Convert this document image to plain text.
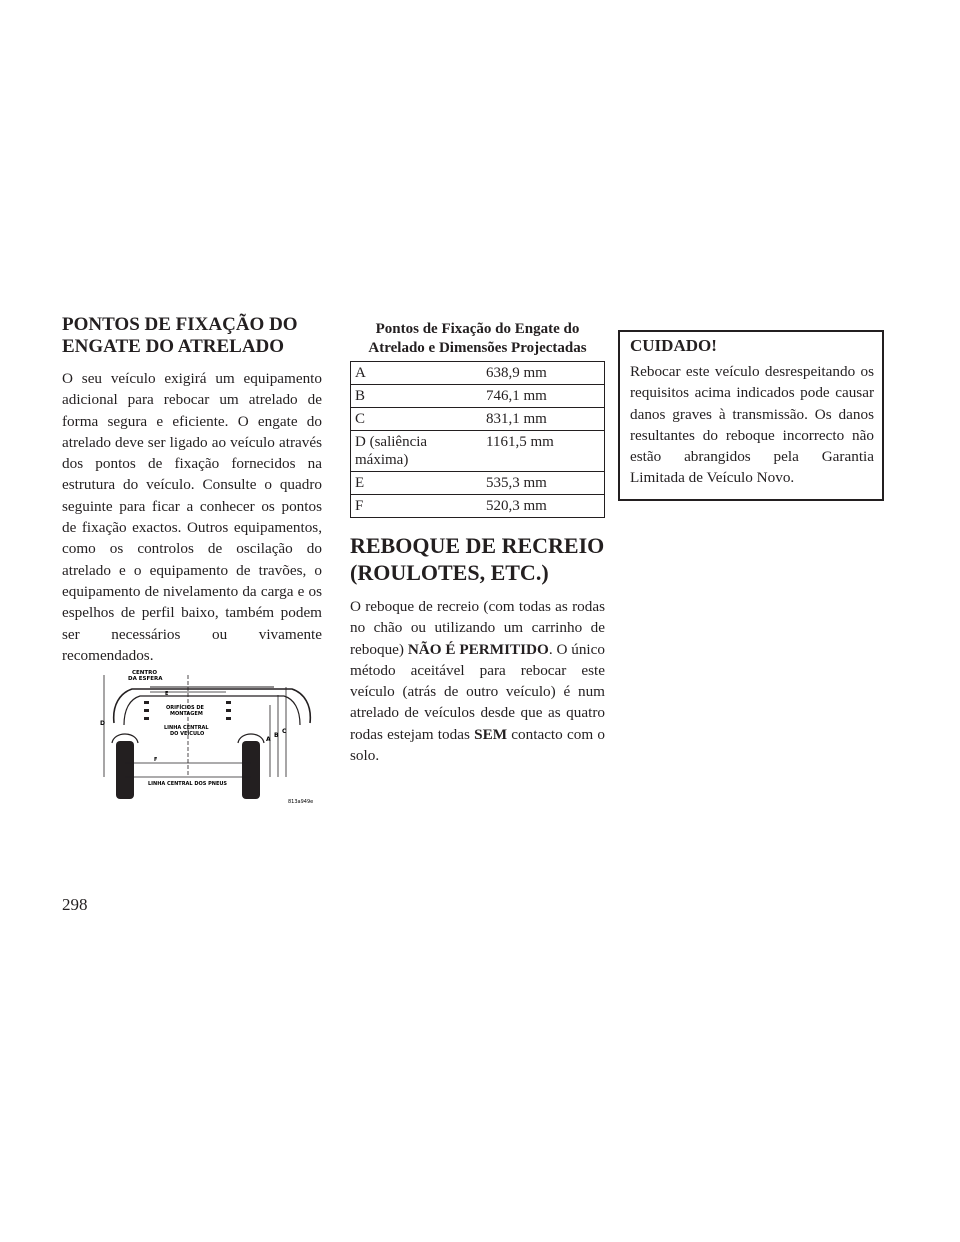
PONTOS DE FIXAÇÃO DO ENGATE DO ATRELADO

O seu veículo exigirá um equipamento adicional para rebocar um atrelado de forma segura e eficiente. O engate do atrelado deve ser ligado ao veículo através dos pontos de fixação fornecidos na estrutura do veículo. Consulte o quadro seguinte para ficar a conhecer os pontos de fixação exactos. Outros equipamentos, como os controlos de oscilação do atrelado e o equipamento de travões, o equipamento de nivelamento da carga e os espelhos de perfil baixo, também podem ser necessários ou vivamente recomendados.

CENTRO
DA ESFERA
ORIFÍCIOS DE
MONTAGEM
LINHA CENTRAL
DO VEÍCULO
LINHA CENTRAL DOS PNEUS
D
A
B
C
E
F
813a949e
Pontos de Fixação do Engate do Atrelado e Dimensões Projectadas	
A	638,9 mm
B	746,1 mm
C	831,1 mm
D (saliência máxima)	1161,5 mm
E	535,3 mm
F	520,3 mm
REBOQUE DE RECREIO (ROULOTES, ETC.)

O reboque de recreio (com todas as rodas no chão ou utilizando um carrinho de reboque) NÃO É PERMITIDO. O único método aceitável para rebocar este veículo (atrás de outro veículo) é num atrelado de veículos desde que as quatro rodas estejam todas SEM contacto com o solo.

CUIDADO!

Rebocar este veículo desrespeitando os requisitos acima indicados pode causar danos graves à transmissão. Os danos resultantes do reboque incorrecto não estão abrangidos pela Garantia Limitada de Veículo Novo.

298
